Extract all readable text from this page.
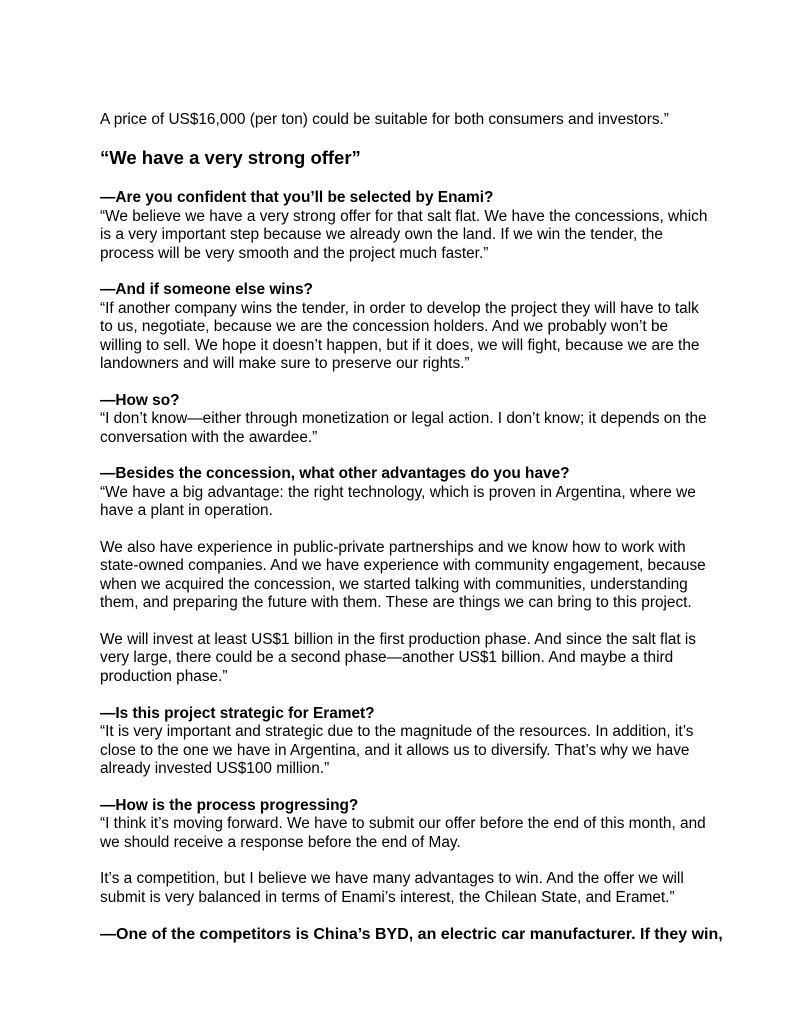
A price of US$16,000 (per ton) could be suitable for both consumers and investors.”

“We have a very strong offer”

—Are you confident that you’ll be selected by Enami?

“We believe we have a very strong offer for that salt flat. We have the concessions, which is a very important step because we already own the land. If we win the tender, the process will be very smooth and the project much faster.”

—And if someone else wins?

“If another company wins the tender, in order to develop the project they will have to talk to us, negotiate, because we are the concession holders. And we probably won’t be willing to sell. We hope it doesn’t happen, but if it does, we will fight, because we are the landowners and will make sure to preserve our rights.”

—How so?

“I don’t know—either through monetization or legal action. I don’t know; it depends on the conversation with the awardee.”

—Besides the concession, what other advantages do you have?

“We have a big advantage: the right technology, which is proven in Argentina, where we have a plant in operation.

We also have experience in public-private partnerships and we know how to work with state-owned companies. And we have experience with community engagement, because when we acquired the concession, we started talking with communities, understanding them, and preparing the future with them. These are things we can bring to this project.

We will invest at least US$1 billion in the first production phase. And since the salt flat is very large, there could be a second phase—another US$1 billion. And maybe a third production phase.”

—Is this project strategic for Eramet?

“It is very important and strategic due to the magnitude of the resources. In addition, it’s close to the one we have in Argentina, and it allows us to diversify. That’s why we have already invested US$100 million.”

—How is the process progressing?

“I think it’s moving forward. We have to submit our offer before the end of this month, and we should receive a response before the end of May.

It’s a competition, but I believe we have many advantages to win. And the offer we will submit is very balanced in terms of Enami’s interest, the Chilean State, and Eramet.”

—One of the competitors is China’s BYD, an electric car manufacturer. If they win,
